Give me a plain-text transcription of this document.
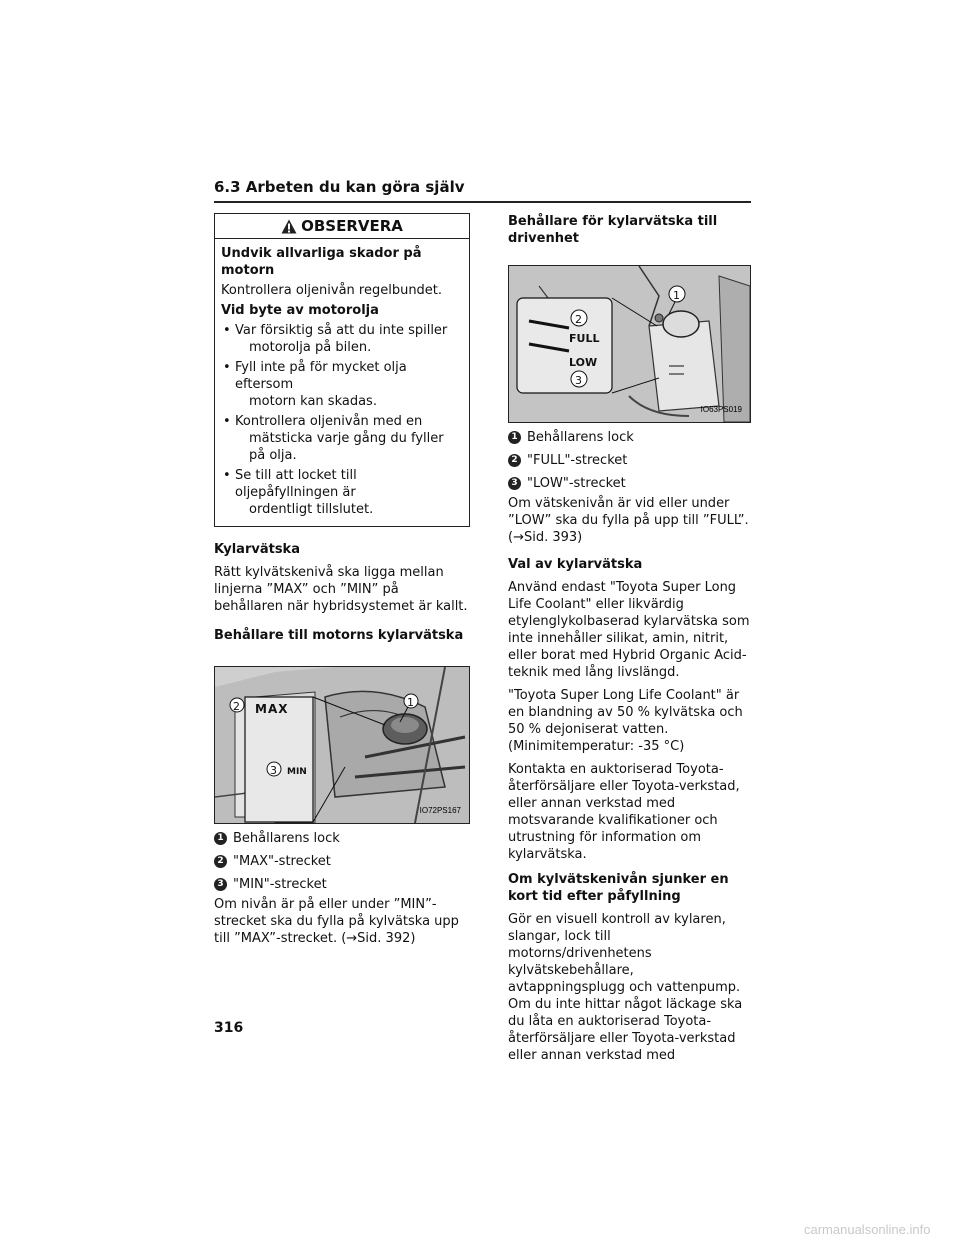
6.3 Arbeten du kan göra själv
OBSERVERA
Undvik allvarliga skador på motorn
Kontrollera oljenivån regelbundet.
Vid byte av motorolja
• Var försiktig så att du inte spiller
motorolja på bilen.
• Fyll inte på för mycket olja eftersom
motorn kan skadas.
• Kontrollera oljenivån med en
mätsticka varje gång du fyller på olja.
• Se till att locket till oljepåfyllningen är
ordentligt tillslutet.
Kylarvätska
Rätt kylvätskenivå ska ligga mellan linjerna ”MAX” och ”MIN” på behållaren när hybridsystemet är kallt.
Behållare till motorns kylarvätska
2 MAX	1
3 MIN
IO72PS167
1 Behållarens lock
2 "MAX"-strecket
3 "MIN"-strecket
Om nivån är på eller under ”MIN”-strecket ska du fylla på kylvätska upp till ”MAX”-strecket. (→Sid. 392)
Behållare för kylarvätska till drivenhet
2
FULL
LOW
1
3
IO63PS019
1 Behållarens lock
2 "FULL"-strecket
3 "LOW"-strecket
Om vätskenivån är vid eller under ”LOW” ska du fylla på upp till ”FULL”. (→Sid. 393)
Val av kylarvätska
Använd endast "Toyota Super Long Life Coolant" eller likvärdig etylenglykolbaserad kylarvätska som inte innehåller silikat, amin, nitrit, eller borat med Hybrid Organic Acid-teknik med lång livslängd.
"Toyota Super Long Life Coolant" är en blandning av 50 % kylvätska och 50 % dejoniserat vatten. (Minimitemperatur: -35 °C)
Kontakta en auktoriserad Toyota-återförsäljare eller Toyota-verkstad, eller annan verkstad med motsvarande kvalifikationer och utrustning för information om kylarvätska.
Om kylvätskenivån sjunker en kort tid efter påfyllning
Gör en visuell kontroll av kylaren, slangar, lock till motorns/drivenhetens kylvätskebehållare, avtappningsplugg och vattenpump. Om du inte hittar något läckage ska du låta en auktoriserad Toyota-återförsäljare eller Toyota-verkstad eller annan verkstad med
316
carmanualsonline.info
